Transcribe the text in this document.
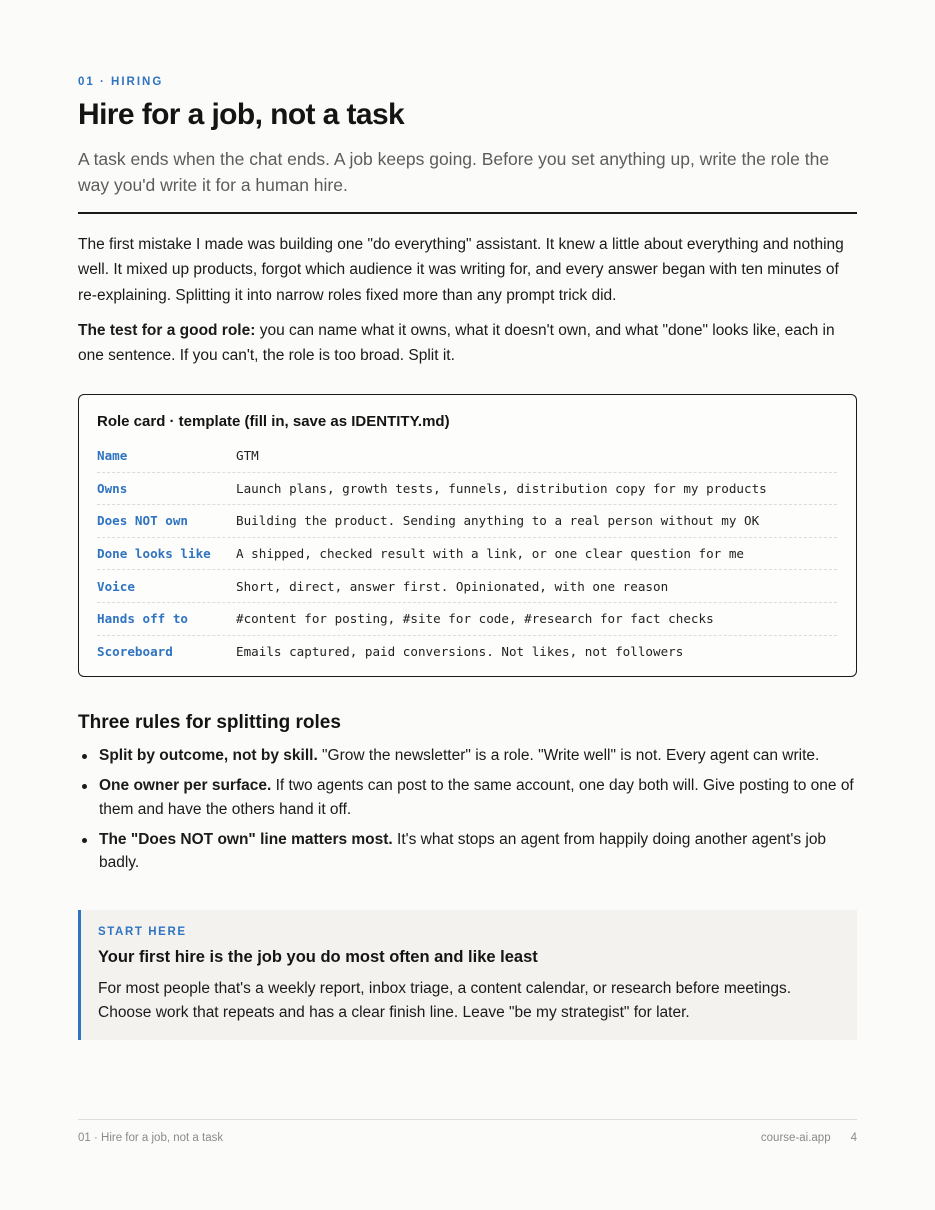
01 · HIRING
Hire for a job, not a task

A task ends when the chat ends. A job keeps going. Before you set anything up, write the role the way you'd write it for a human hire.

The first mistake I made was building one "do everything" assistant. It knew a little about everything and nothing well. It mixed up products, forgot which audience it was writing for, and every answer began with ten minutes of re-explaining. Splitting it into narrow roles fixed more than any prompt trick did.

The test for a good role: you can name what it owns, what it doesn't own, and what "done" looks like, each in one sentence. If you can't, the role is too broad. Split it.

Role card · template (fill in, save as IDENTITY.md)
Name	GTM
Owns	Launch plans, growth tests, funnels, distribution copy for my products
Does NOT own	Building the product. Sending anything to a real person without my OK
Done looks like	A shipped, checked result with a link, or one clear question for me
Voice	Short, direct, answer first. Opinionated, with one reason
Hands off to	#content for posting, #site for code, #research for fact checks
Scoreboard	Emails captured, paid conversions. Not likes, not followers
Three rules for splitting roles
Split by outcome, not by skill. "Grow the newsletter" is a role. "Write well" is not. Every agent can write.
One owner per surface. If two agents can post to the same account, one day both will. Give posting to one of them and have the others hand it off.
The "Does NOT own" line matters most. It's what stops an agent from happily doing another agent's job badly.
START HERE
Your first hire is the job you do most often and like least

For most people that's a weekly report, inbox triage, a content calendar, or research before meetings. Choose work that repeats and has a clear finish line. Leave "be my strategist" for later.

01 · Hire for a job, not a task	course-ai.app 4
